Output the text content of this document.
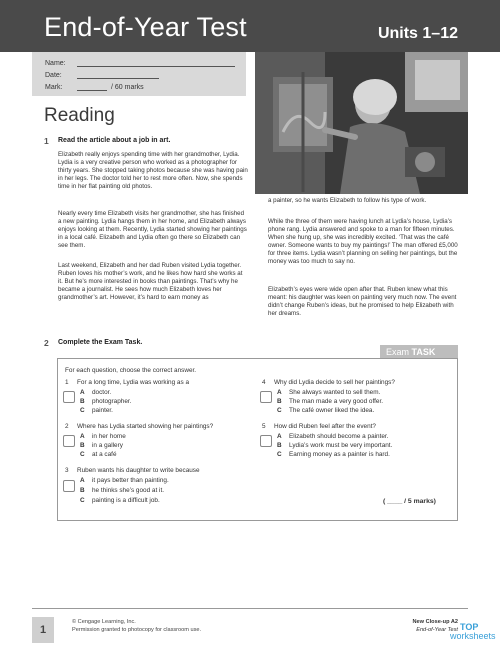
End-of-Year Test	Units 1–12
Name:
Date:
Mark:	/ 60 marks
Reading
1 Read the article about a job in art.
Elizabeth really enjoys spending time with her grandmother, Lydia. Lydia is a very creative person who worked as a photographer for thirty years. She stopped taking photos because she was having pain in her legs. The doctor told her to rest more often. Now, she spends time in her flat painting old photos.
Nearly every time Elizabeth visits her grandmother, she has finished a new painting. Lydia hangs them in her home, and Elizabeth always enjoys looking at them. Recently, Lydia started showing her paintings in a local café. Elizabeth and Lydia often go there so Elizabeth can see them.
Last weekend, Elizabeth and her dad Ruben visited Lydia together. Ruben loves his mother’s work, and he likes how hard she works at it. But he’s more interested in books than paintings. That’s why he became a journalist. He sees how much Elizabeth loves her grandmother’s art. However, it’s hard to earn money as
a painter, so he wants Elizabeth to follow his type of work.
While the three of them were having lunch at Lydia’s house, Lydia’s phone rang. Lydia answered and spoke to a man for fifteen minutes. When she hung up, she was incredibly excited. ‘That was the café owner. Someone wants to buy my paintings!’ The man offered £5,000 for three items. Lydia wasn’t planning on selling her paintings, but the money was too much to say no.
Elizabeth’s eyes were wide open after that. Ruben knew what this meant: his daughter was keen on painting very much now. The event didn’t change Ruben’s ideas, but he promised to help Elizabeth with her dreams.
2 Complete the Exam Task.
Exam TASK
For each question, choose the correct answer.
1 For a long time, Lydia was working as a
A doctor.
B photographer.
C painter.
2 Where has Lydia started showing her paintings?
A in her home
B in a gallery
C at a café
3 Ruben wants his daughter to write because
A it pays better than painting.
B he thinks she’s good at it.
C painting is a difficult job.
4 Why did Lydia decide to sell her paintings?
A She always wanted to sell them.
B The man made a very good offer.
C The café owner liked the idea.
5 How did Ruben feel after the event?
A Elizabeth should become a painter.
B Lydia’s work must be very important.
C Earning money as a painter is hard.
( ____ / 5 marks)
1
© Cengage Learning, Inc.
Permission granted to photocopy for classroom use.
New Close-up A2
End-of-Year Test TOP
worksheets
